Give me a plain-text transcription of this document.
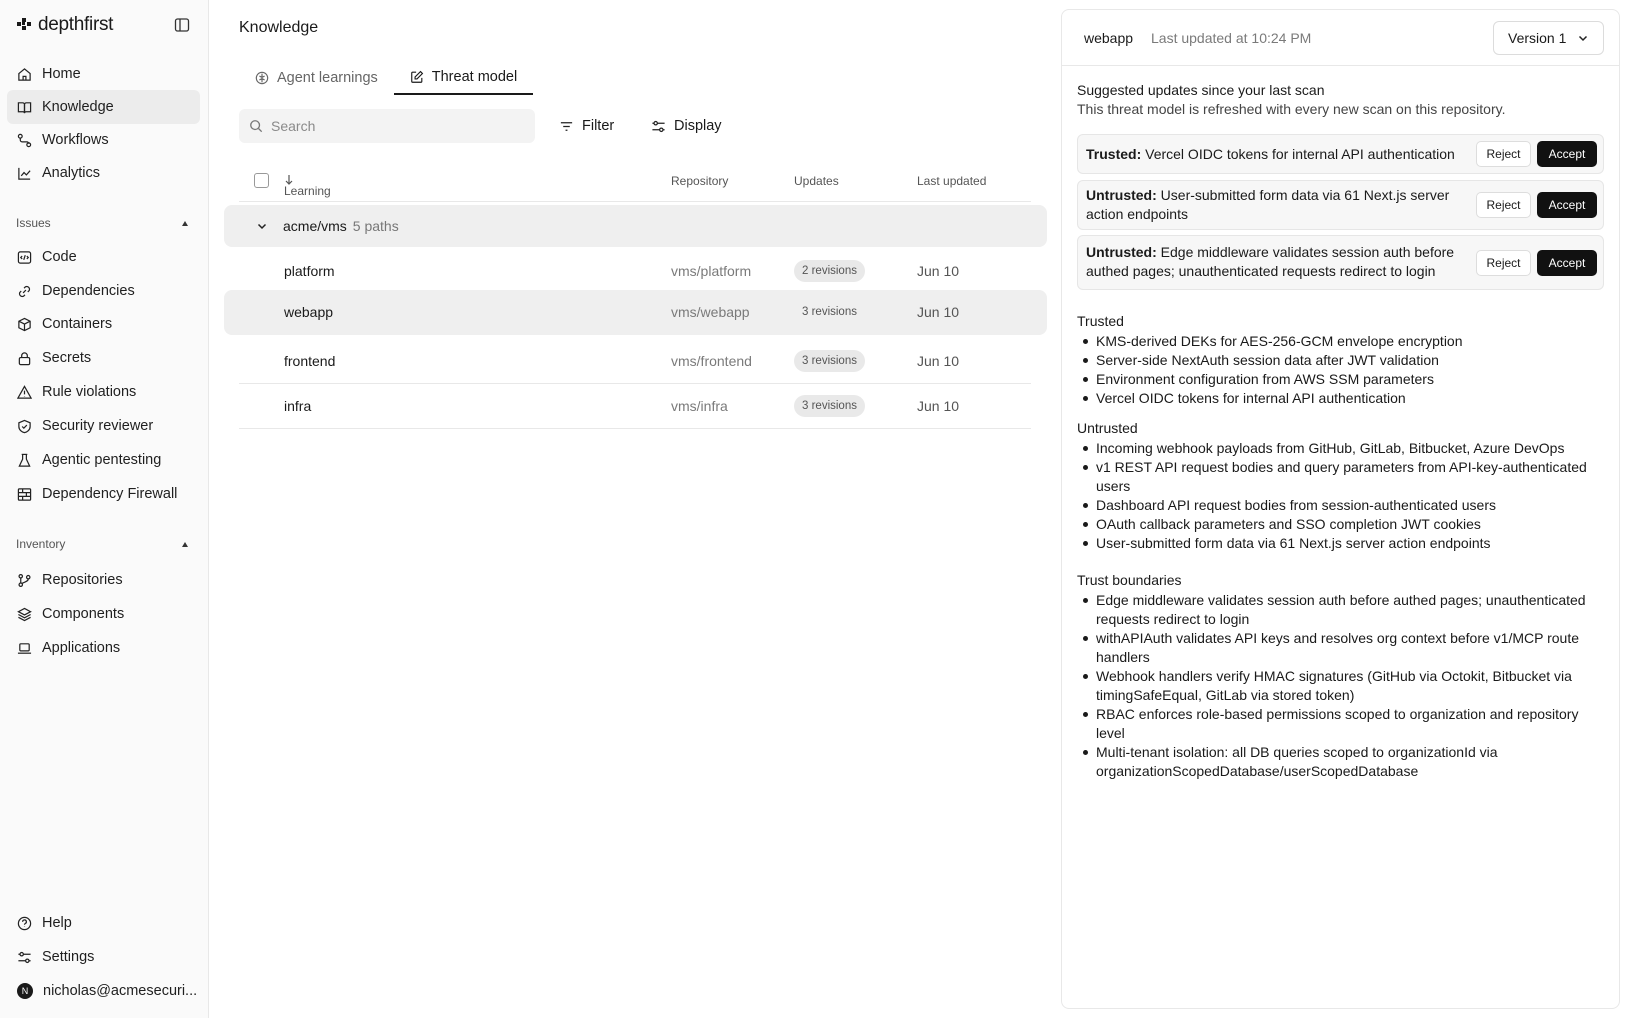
depthfirst
Home
Knowledge
Workflows
Analytics
Issues
Code
Dependencies
Containers
Secrets
Rule violations
Security reviewer
Agentic pentesting
Dependency Firewall
Inventory
Repositories
Components
Applications
Help
Settings
N	nicholas@acmesecuri...
Knowledge
Agent learnings	Threat model
Search
Filter	Display
Learning
Repository	Updates	Last updated
acme/vms 5 paths
platform	vms/platform	2 revisions	Jun 10
webapp	vms/webapp	3 revisions	Jun 10
frontend	vms/frontend	3 revisions	Jun 10
infra	vms/infra	3 revisions	Jun 10
webapp Last updated at 10:24 PM	Version 1
Suggested updates since your last scan
This threat model is refreshed with every new scan on this repository.
Trusted: Vercel OIDC tokens for internal API authentication	Reject	Accept
Untrusted: User-submitted form data via 61 Next.js server action endpoints
Reject	Accept
Untrusted: Edge middleware validates session auth before authed pages; unauthenticated requests redirect to login	Reject	Accept
Trusted
KMS-derived DEKs for AES-256-GCM envelope encryption
Server-side NextAuth session data after JWT validation
Environment configuration from AWS SSM parameters
Vercel OIDC tokens for internal API authentication
Untrusted
Incoming webhook payloads from GitHub, GitLab, Bitbucket, Azure DevOps
v1 REST API request bodies and query parameters from API-key-authenticated users
Dashboard API request bodies from session-authenticated users
OAuth callback parameters and SSO completion JWT cookies
User-submitted form data via 61 Next.js server action endpoints
Trust boundaries
Edge middleware validates session auth before authed pages; unauthenticated requests redirect to login
withAPIAuth validates API keys and resolves org context before v1/MCP route handlers
Webhook handlers verify HMAC signatures (GitHub via Octokit, Bitbucket via timingSafeEqual, GitLab via stored token)
RBAC enforces role-based permissions scoped to organization and repository level
Multi-tenant isolation: all DB queries scoped to organizationId via organizationScopedDatabase/userScopedDatabase
